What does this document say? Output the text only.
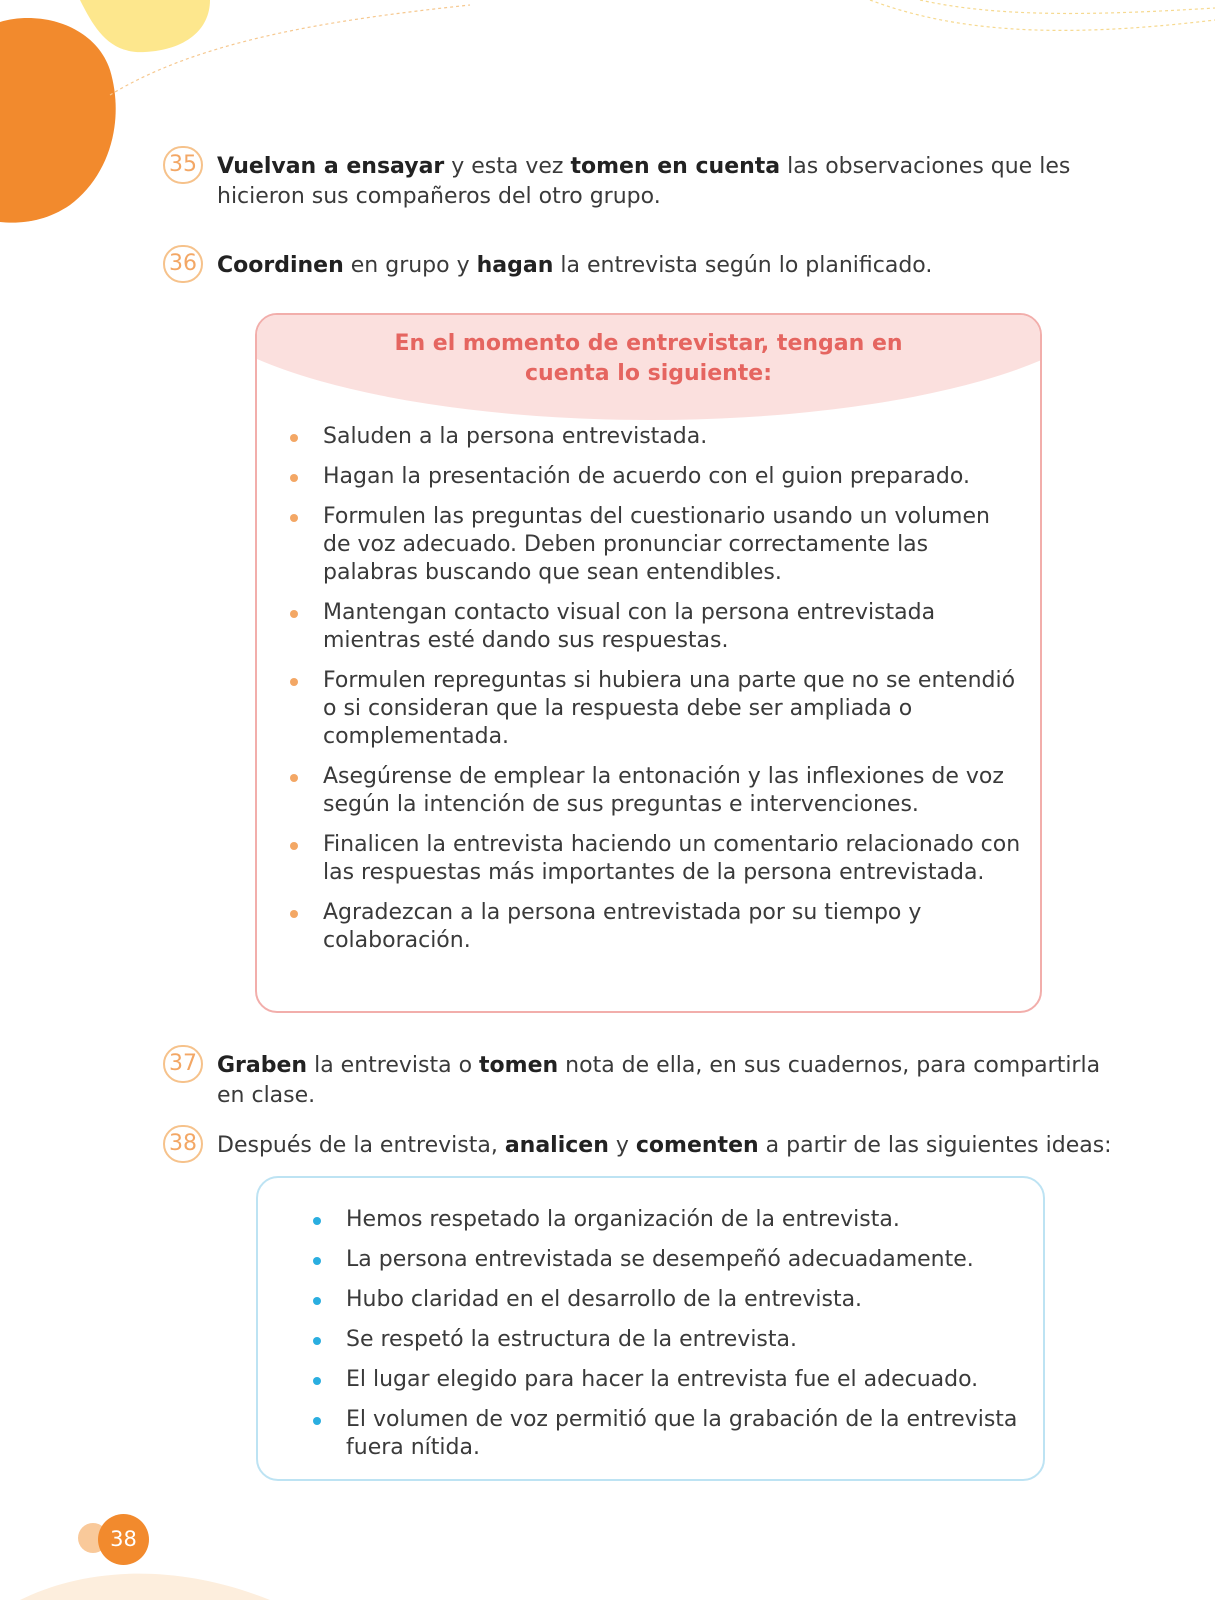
35 Vuelvan a ensayar y esta vez tomen en cuenta las observaciones que les hicieron sus compañeros del otro grupo.
36 Coordinen en grupo y hagan la entrevista según lo planificado.
En el momento de entrevistar, tengan en cuenta lo siguiente:
Saluden a la persona entrevistada.
Hagan la presentación de acuerdo con el guion preparado.
Formulen las preguntas del cuestionario usando un volumen de voz adecuado. Deben pronunciar correctamente las palabras buscando que sean entendibles.
Mantengan contacto visual con la persona entrevistada mientras esté dando sus respuestas.
Formulen repreguntas si hubiera una parte que no se entendió o si consideran que la respuesta debe ser ampliada o complementada.
Asegúrense de emplear la entonación y las inflexiones de voz según la intención de sus preguntas e intervenciones.
Finalicen la entrevista haciendo un comentario relacionado con las respuestas más importantes de la persona entrevistada.
Agradezcan a la persona entrevistada por su tiempo y colaboración.
37 Graben la entrevista o tomen nota de ella, en sus cuadernos, para compartirla en clase.
38 Después de la entrevista, analicen y comenten a partir de las siguientes ideas:
Hemos respetado la organización de la entrevista.
La persona entrevistada se desempeñó adecuadamente.
Hubo claridad en el desarrollo de la entrevista.
Se respetó la estructura de la entrevista.
El lugar elegido para hacer la entrevista fue el adecuado.
El volumen de voz permitió que la grabación de la entrevista fuera nítida.
38
